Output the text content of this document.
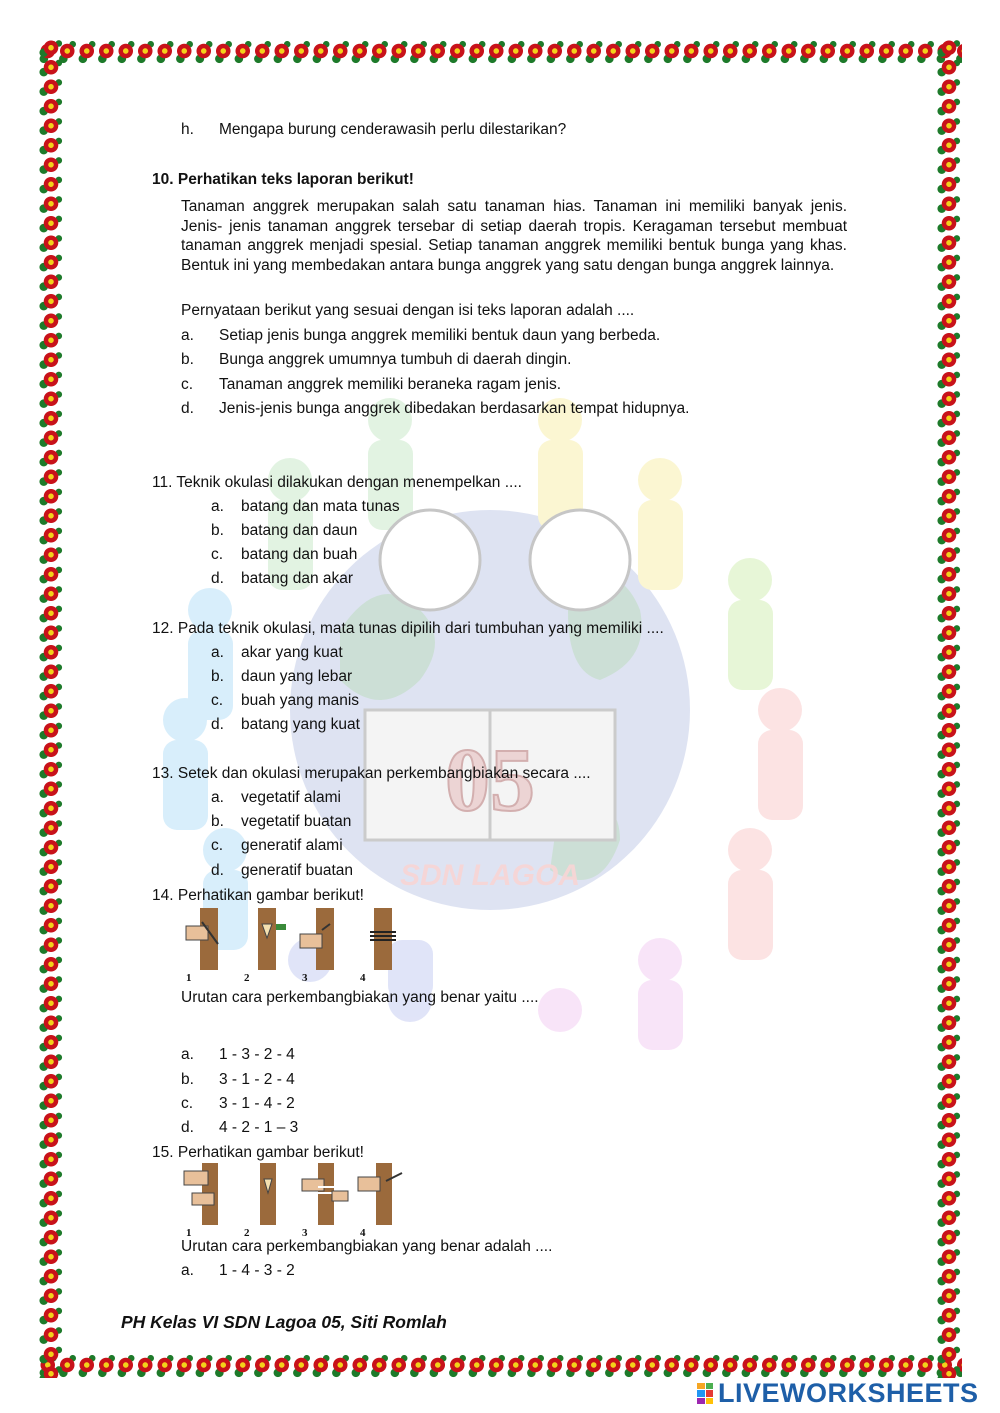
05
SDN LAGOA
h. Mengapa burung cenderawasih perlu dilestarikan?
10. Perhatikan teks laporan berikut!
Tanaman anggrek merupakan salah satu tanaman hias. Tanaman ini memiliki banyak jenis. Jenis- jenis tanaman anggrek tersebar di setiap daerah tropis. Keragaman tersebut membuat tanaman anggrek menjadi spesial. Setiap tanaman anggrek memiliki bentuk bunga yang khas. Bentuk ini yang membedakan antara bunga anggrek yang satu dengan bunga anggrek lainnya.
Pernyataan berikut yang sesuai dengan isi teks laporan adalah ....
a. Setiap jenis bunga anggrek memiliki bentuk daun yang berbeda.
b. Bunga anggrek umumnya tumbuh di daerah dingin.
c. Tanaman anggrek memiliki beraneka ragam jenis.
d. Jenis-jenis bunga anggrek dibedakan berdasarkan tempat hidupnya.
11. Teknik okulasi dilakukan dengan menempelkan ....
a. batang dan mata tunas
b. batang dan daun
c. batang dan buah
d. batang dan akar
12. Pada teknik okulasi, mata tunas dipilih dari tumbuhan yang memiliki ....
a. akar yang kuat
b. daun yang lebar
c. buah yang manis
d. batang yang kuat
13. Setek dan okulasi merupakan perkembangbiakan secara ....
a. vegetatif alami
b. vegetatif buatan
c. generatif alami
d. generatif buatan
14. Perhatikan gambar berikut!
1	2	3	4
Urutan cara perkembangbiakan yang benar yaitu ....
a. 1 - 3 - 2 - 4
b. 3 - 1 - 2 - 4
c. 3 - 1 - 4 - 2
d. 4 - 2 - 1 – 3
15. Perhatikan gambar berikut!
1	2	3	4
Urutan cara perkembangbiakan yang benar adalah ....
a. 1 - 4 - 3 - 2
PH Kelas VI SDN Lagoa 05, Siti Romlah
LIVEWORKSHEETS
